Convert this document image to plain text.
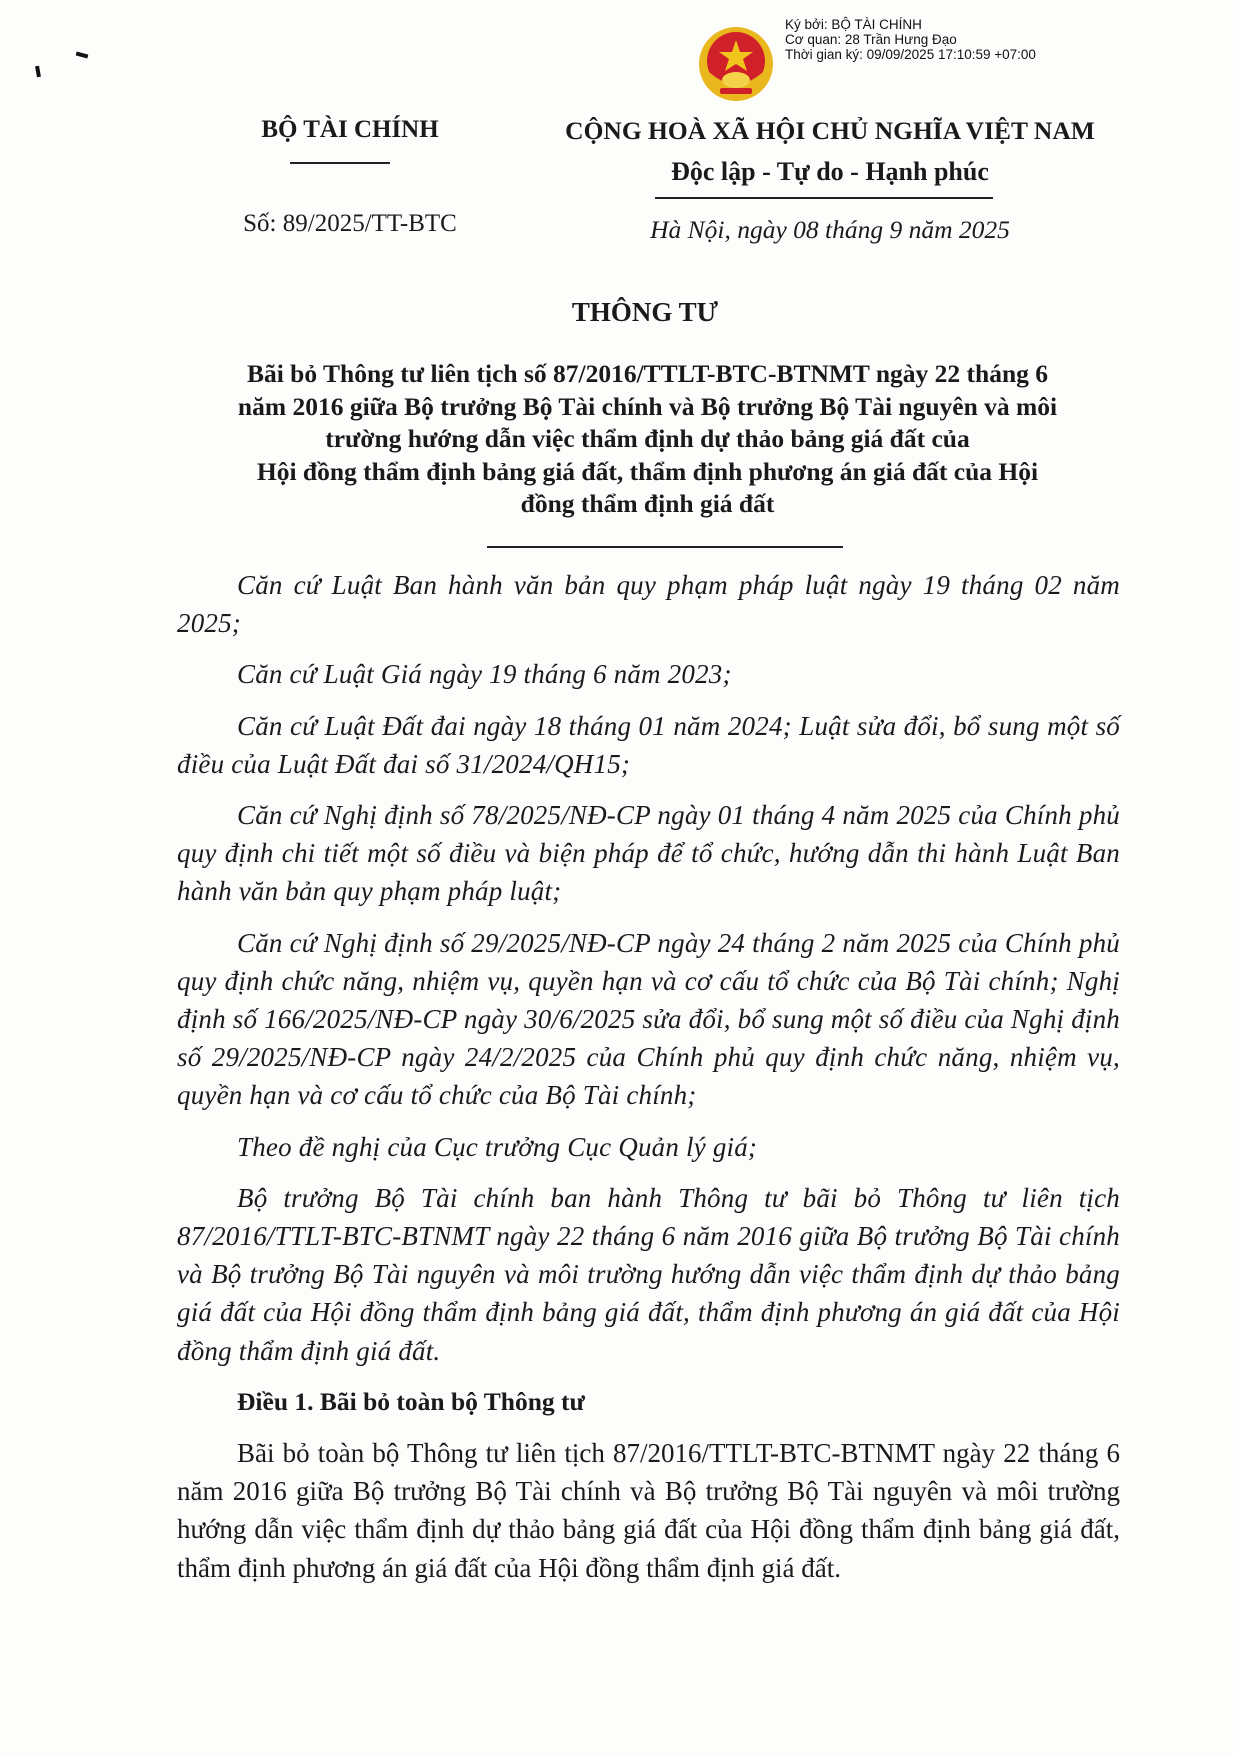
Ký bởi: BỘ TÀI CHÍNH
Cơ quan: 28 Trần Hưng Đạo
Thời gian ký: 09/09/2025 17:10:59 +07:00
BỘ TÀI CHÍNH
Số: 89/2025/TT-BTC
CỘNG HOÀ XÃ HỘI CHỦ NGHĨA VIỆT NAM
Độc lập - Tự do - Hạnh phúc
Hà Nội, ngày 08 tháng 9 năm 2025
THÔNG TƯ
Bãi bỏ Thông tư liên tịch số 87/2016/TTLT-BTC-BTNMT ngày 22 tháng 6
năm 2016 giữa Bộ trưởng Bộ Tài chính và Bộ trưởng Bộ Tài nguyên và môi
trường hướng dẫn việc thẩm định dự thảo bảng giá đất của
Hội đồng thẩm định bảng giá đất, thẩm định phương án giá đất của Hội
đồng thẩm định giá đất

Căn cứ Luật Ban hành văn bản quy phạm pháp luật ngày 19 tháng 02 năm 2025;

Căn cứ Luật Giá ngày 19 tháng 6 năm 2023;

Căn cứ Luật Đất đai ngày 18 tháng 01 năm 2024; Luật sửa đổi, bổ sung một số điều của Luật Đất đai số 31/2024/QH15;

Căn cứ Nghị định số 78/2025/NĐ-CP ngày 01 tháng 4 năm 2025 của Chính phủ quy định chi tiết một số điều và biện pháp để tổ chức, hướng dẫn thi hành Luật Ban hành văn bản quy phạm pháp luật;

Căn cứ Nghị định số 29/2025/NĐ-CP ngày 24 tháng 2 năm 2025 của Chính phủ quy định chức năng, nhiệm vụ, quyền hạn và cơ cấu tổ chức của Bộ Tài chính; Nghị định số 166/2025/NĐ-CP ngày 30/6/2025 sửa đổi, bổ sung một số điều của Nghị định số 29/2025/NĐ-CP ngày 24/2/2025 của Chính phủ quy định chức năng, nhiệm vụ, quyền hạn và cơ cấu tổ chức của Bộ Tài chính;

Theo đề nghị của Cục trưởng Cục Quản lý giá;

Bộ trưởng Bộ Tài chính ban hành Thông tư bãi bỏ Thông tư liên tịch 87/2016/TTLT-BTC-BTNMT ngày 22 tháng 6 năm 2016 giữa Bộ trưởng Bộ Tài chính và Bộ trưởng Bộ Tài nguyên và môi trường hướng dẫn việc thẩm định dự thảo bảng giá đất của Hội đồng thẩm định bảng giá đất, thẩm định phương án giá đất của Hội đồng thẩm định giá đất.

Điều 1. Bãi bỏ toàn bộ Thông tư

Bãi bỏ toàn bộ Thông tư liên tịch 87/2016/TTLT-BTC-BTNMT ngày 22 tháng 6 năm 2016 giữa Bộ trưởng Bộ Tài chính và Bộ trưởng Bộ Tài nguyên và môi trường hướng dẫn việc thẩm định dự thảo bảng giá đất của Hội đồng thẩm định bảng giá đất, thẩm định phương án giá đất của Hội đồng thẩm định giá đất.
